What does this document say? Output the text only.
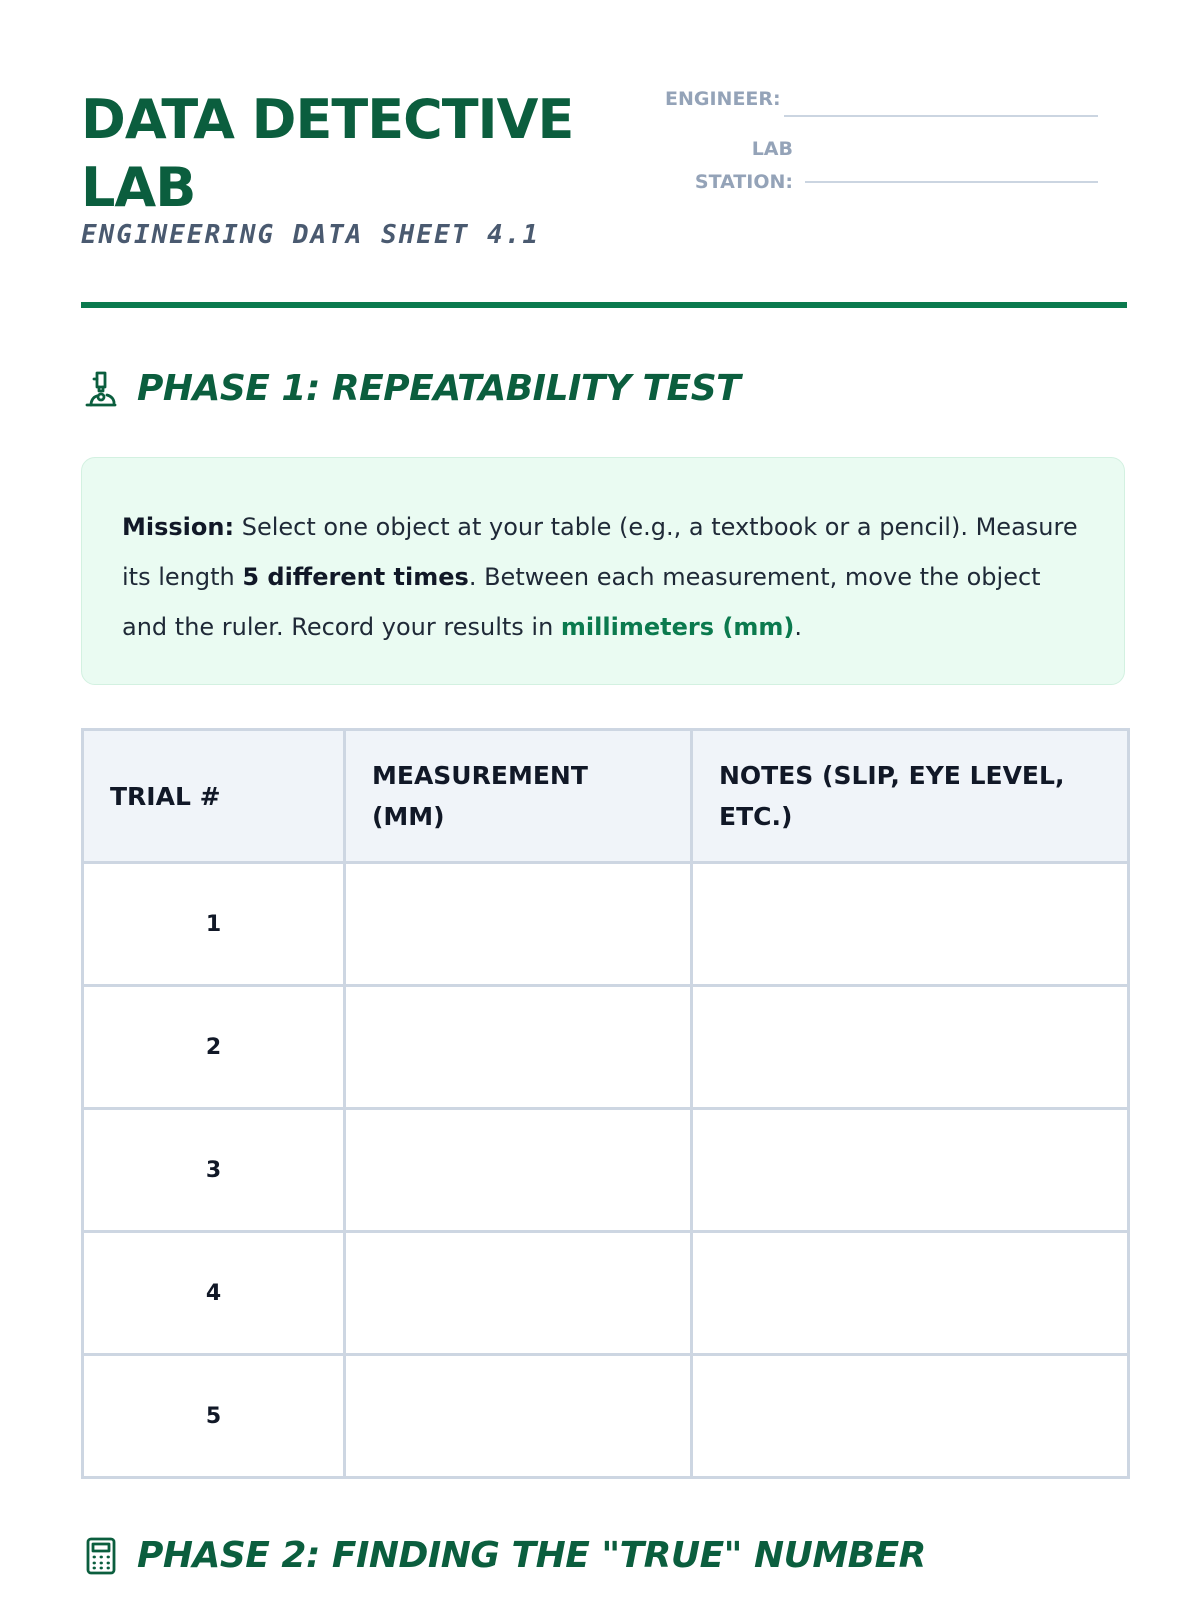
DATA DETECTIVE
LAB
ENGINEERING DATA SHEET 4.1
ENGINEER:
LAB
STATION:
PHASE 1: REPEATABILITY TEST
Mission: Select one object at your table (e.g., a textbook or a pencil). Measure its length 5 different times. Between each measurement, move the object and the ruler. Record your results in millimeters (mm).
TRIAL #	MEASUREMENT (MM)	NOTES (SLIP, EYE LEVEL, ETC.)
1		
2		
3		
4		
5		
PHASE 2: FINDING THE "TRUE" NUMBER
